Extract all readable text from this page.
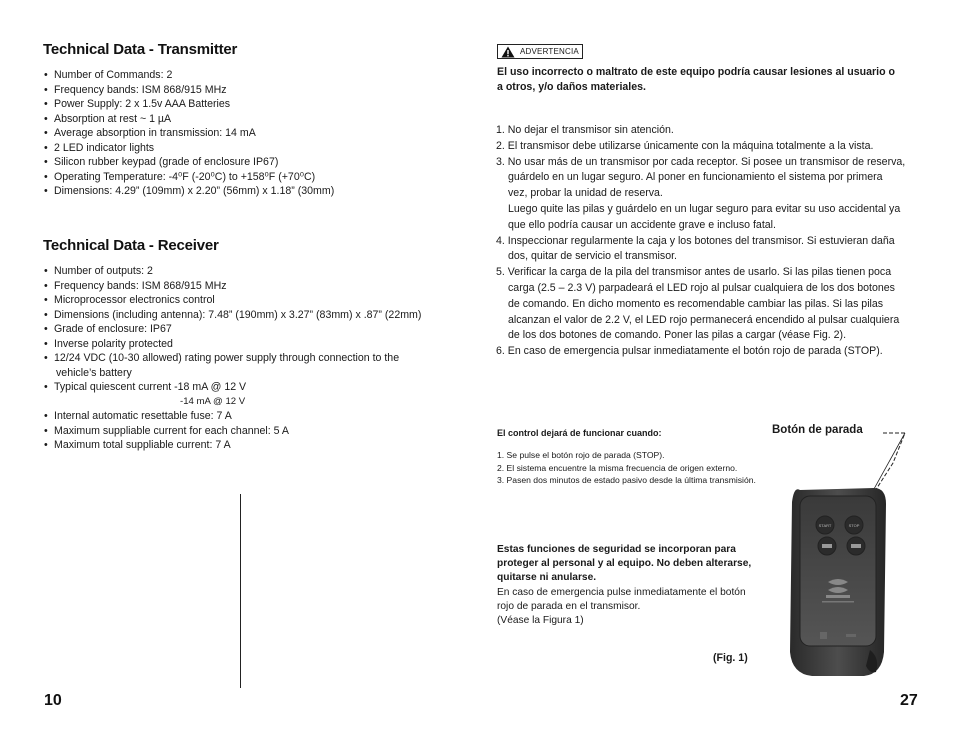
Technical Data - Transmitter
• Number of Commands: 2
• Frequency bands: ISM 868/915 MHz
• Power Supply: 2 x 1.5v AAA Batteries
• Absorption at rest ~ 1 µA
• Average absorption in transmission: 14 mA
• 2 LED indicator lights
• Silicon rubber keypad (grade of enclosure IP67)
• Operating Temperature: -4⁰F (-20⁰C) to +158⁰F (+70⁰C)
• Dimensions: 4.29” (109mm) x 2.20” (56mm) x 1.18” (30mm)
Technical Data - Receiver
• Number of outputs: 2
• Frequency bands: ISM 868/915 MHz
• Microprocessor electronics control
• Dimensions (including antenna): 7.48” (190mm) x 3.27” (83mm) x .87” (22mm)
• Grade of enclosure: IP67
• Inverse polarity protected
• 12/24 VDC (10-30 allowed) rating power supply through connection to the
vehicle’s battery
• Typical quiescent current -18 mA @ 12 V
-14 mA @ 12 V
• Internal automatic resettable fuse: 7 A
• Maximum suppliable current for each channel: 5 A
• Maximum total suppliable current: 7 A
10
ADVERTENCIA
El uso incorrecto o maltrato de este equipo podría causar lesiones al usuario o
a otros, y/o daños materiales.
1. No dejar el transmisor sin atención.
2. El transmisor debe utilizarse únicamente con la máquina totalmente a la vista.
3. No usar más de un transmisor por cada receptor. Si posee un transmisor de reserva,
guárdelo en un lugar seguro. Al poner en funcionamiento el sistema por primera
vez, probar la unidad de reserva.
Luego quite las pilas y guárdelo en un lugar seguro para evitar su uso accidental ya
que ello podría causar un accidente grave e incluso fatal.
4. Inspeccionar regularmente la caja y los botones del transmisor. Si estuvieran daña
dos, quitar de servicio el transmisor.
5. Verificar la carga de la pila del transmisor antes de usarlo. Si las pilas tienen poca
carga (2.5 – 2.3 V) parpadeará el LED rojo al pulsar cualquiera de los dos botones
de comando. En dicho momento es recomendable cambiar las pilas. Si las pilas
alcanzan el valor de 2.2 V, el LED rojo permanecerá encendido al pulsar cualquiera
de los dos botones de comando. Poner las pilas a cargar (véase Fig. 2).
6. En caso de emergencia pulsar inmediatamente el botón rojo de parada (STOP).
El control dejará de funcionar cuando:	Botón de parada
1. Se pulse el botón rojo de parada (STOP).
2. El sistema encuentre la misma frecuencia de origen externo.
3. Pasen dos minutos de estado pasivo desde la última transmisión.
Estas funciones de seguridad se incorporan para
proteger al personal y al equipo. No deben alterarse,
quitarse ni anularse.
En caso de emergencia pulse inmediatamente el botón
rojo de parada en el transmisor.
(Véase la Figura 1)
(Fig. 1)
START	STOP
27
